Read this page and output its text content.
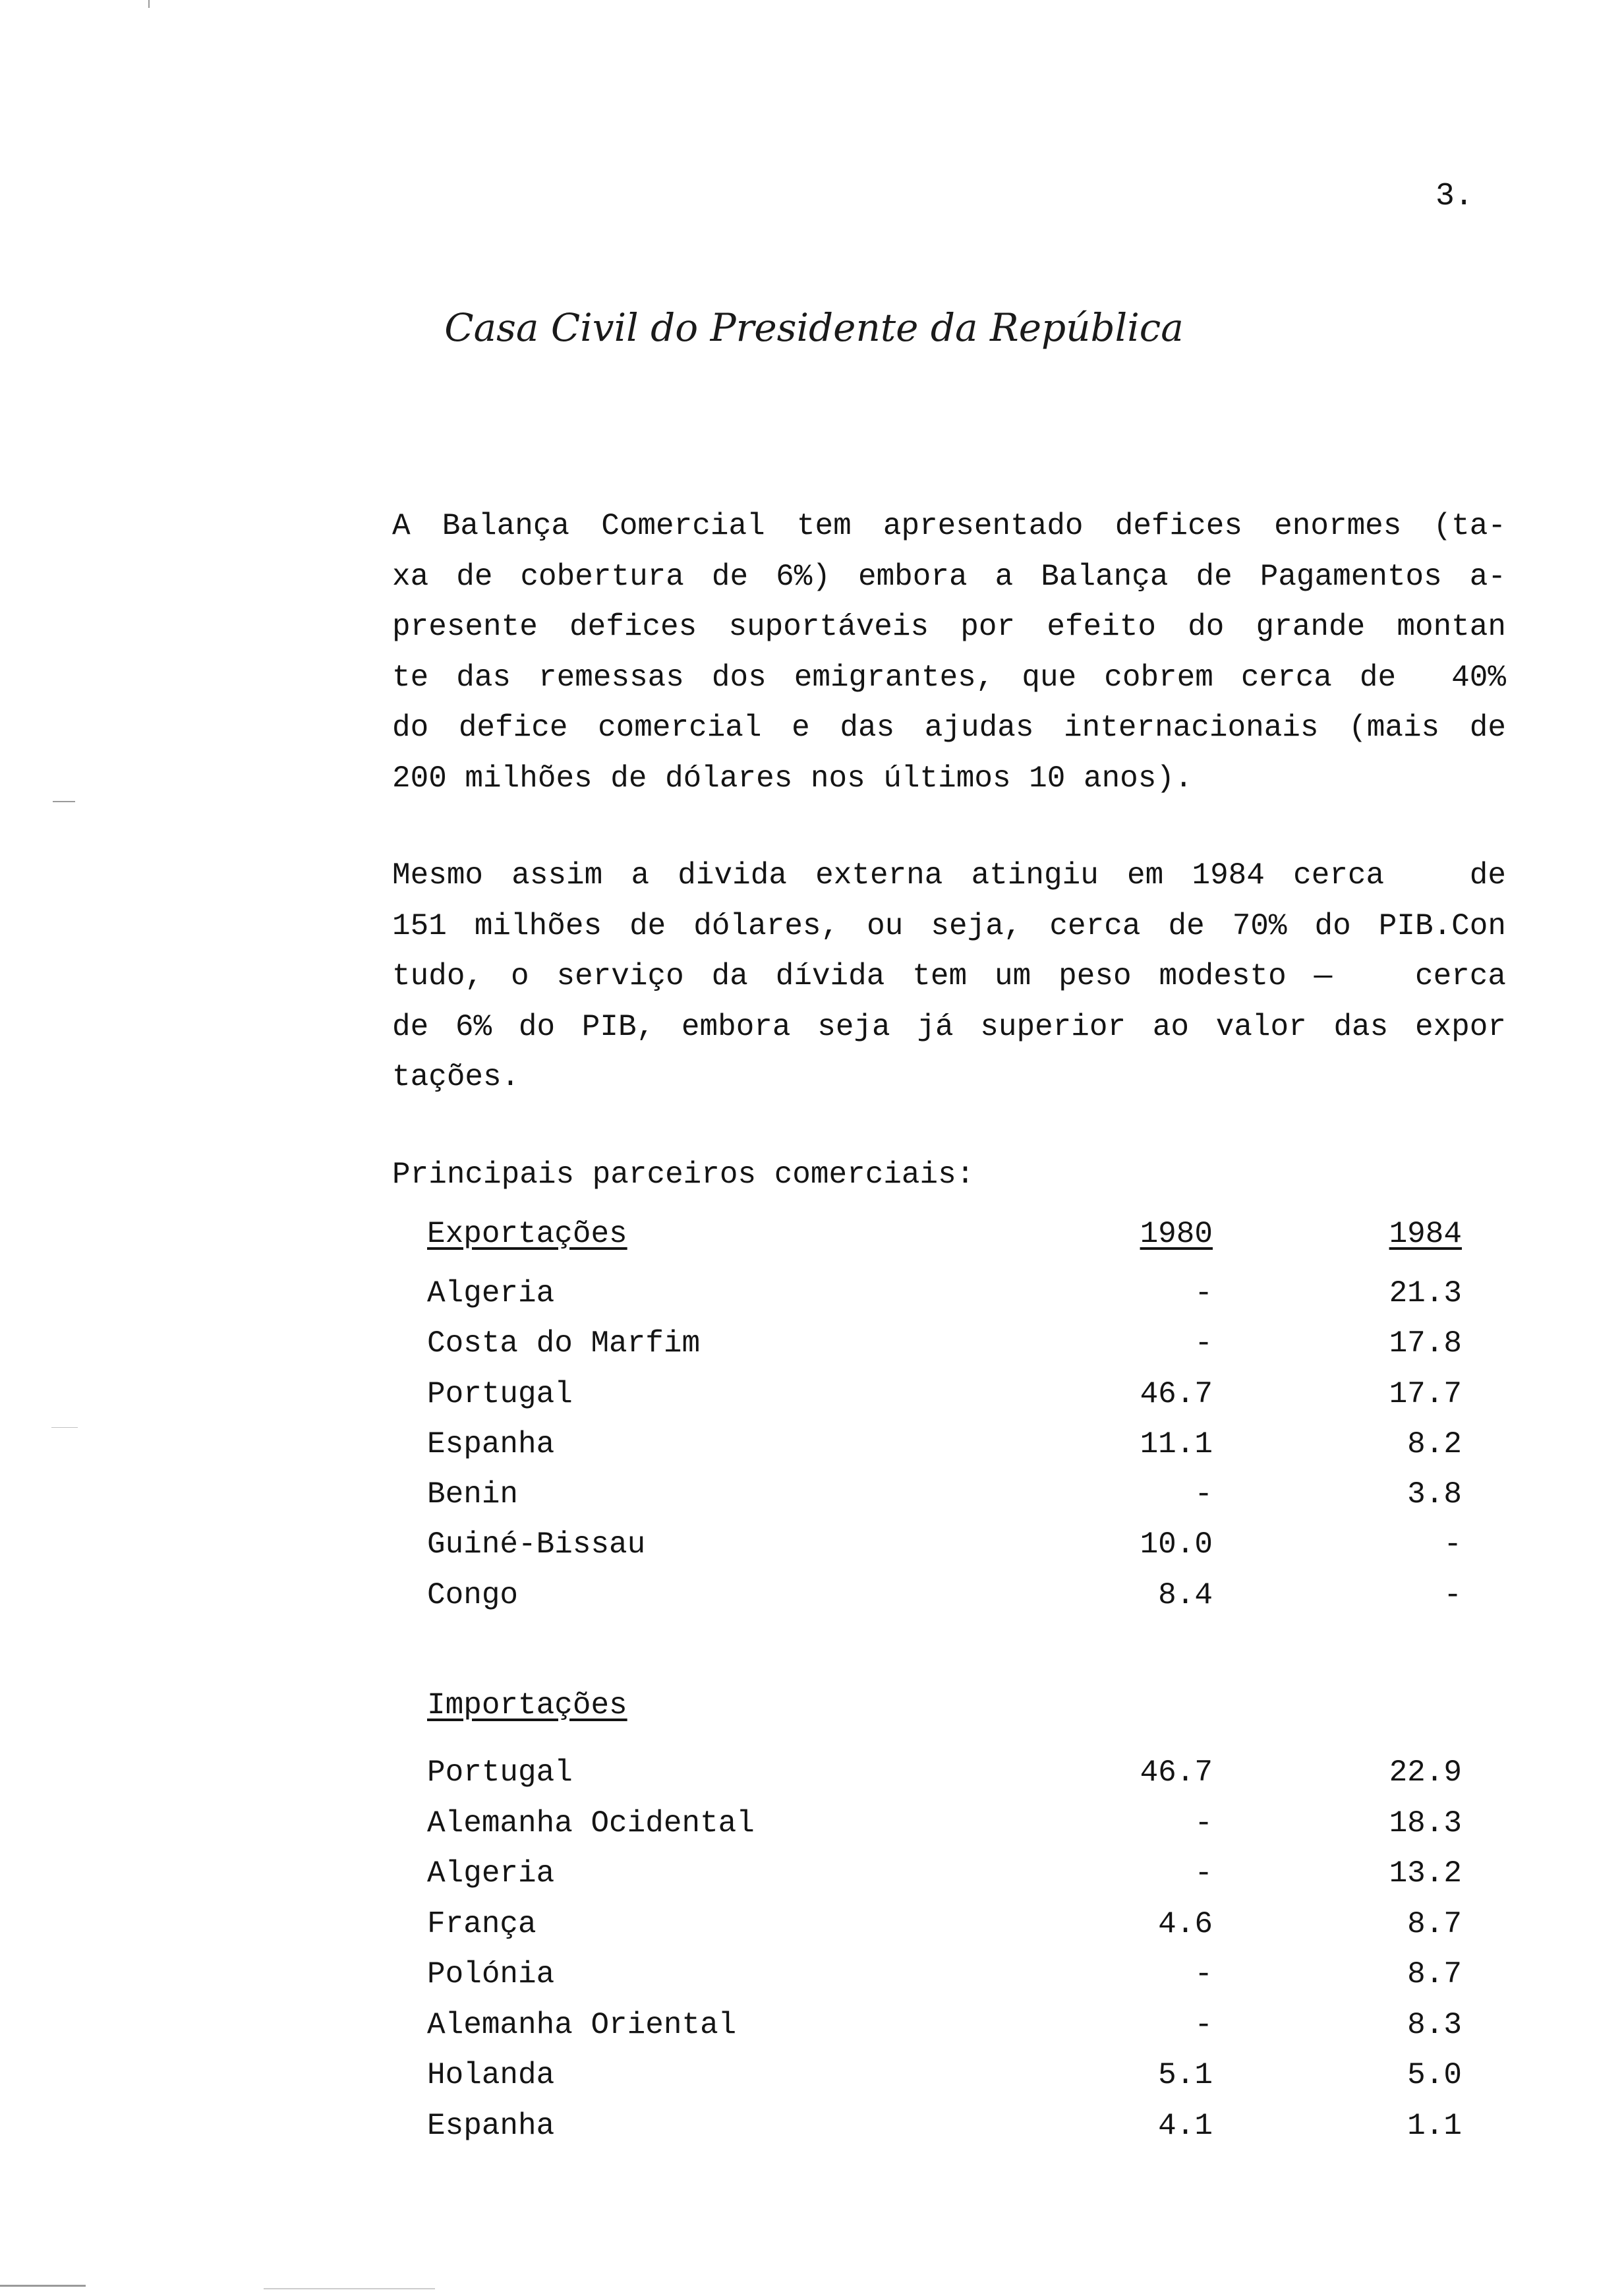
3.
Casa Civil do Presidente da República
A Balança Comercial tem apresentado defices enormes (ta-
xa de cobertura de 6%) embora a Balança de Pagamentos a-
presente defices suportáveis por efeito do grande montan
te das remessas dos emigrantes, que cobrem cerca de  40%
do defice comercial e das ajudas internacionais (mais de
200 milhões de dólares nos últimos 10 anos).
Mesmo assim a divida externa atingiu em 1984 cerca   de
151 milhões de dólares, ou seja, cerca de 70% do PIB.Con
tudo, o serviço da dívida tem um peso modesto —   cerca
de 6% do PIB, embora seja já superior ao valor das expor
tações.
Principais parceiros comerciais:
Exportações	1980	1984
Algeria	-	21.3
Costa do Marfim	-	17.8
Portugal	46.7	17.7
Espanha	11.1	8.2
Benin	-	3.8
Guiné-Bissau	10.0	-
Congo	8.4	-
Importações
Portugal	46.7	22.9
Alemanha Ocidental	-	18.3
Algeria	-	13.2
França	4.6	8.7
Polónia	-	8.7
Alemanha Oriental	-	8.3
Holanda	5.1	5.0
Espanha	4.1	1.1
